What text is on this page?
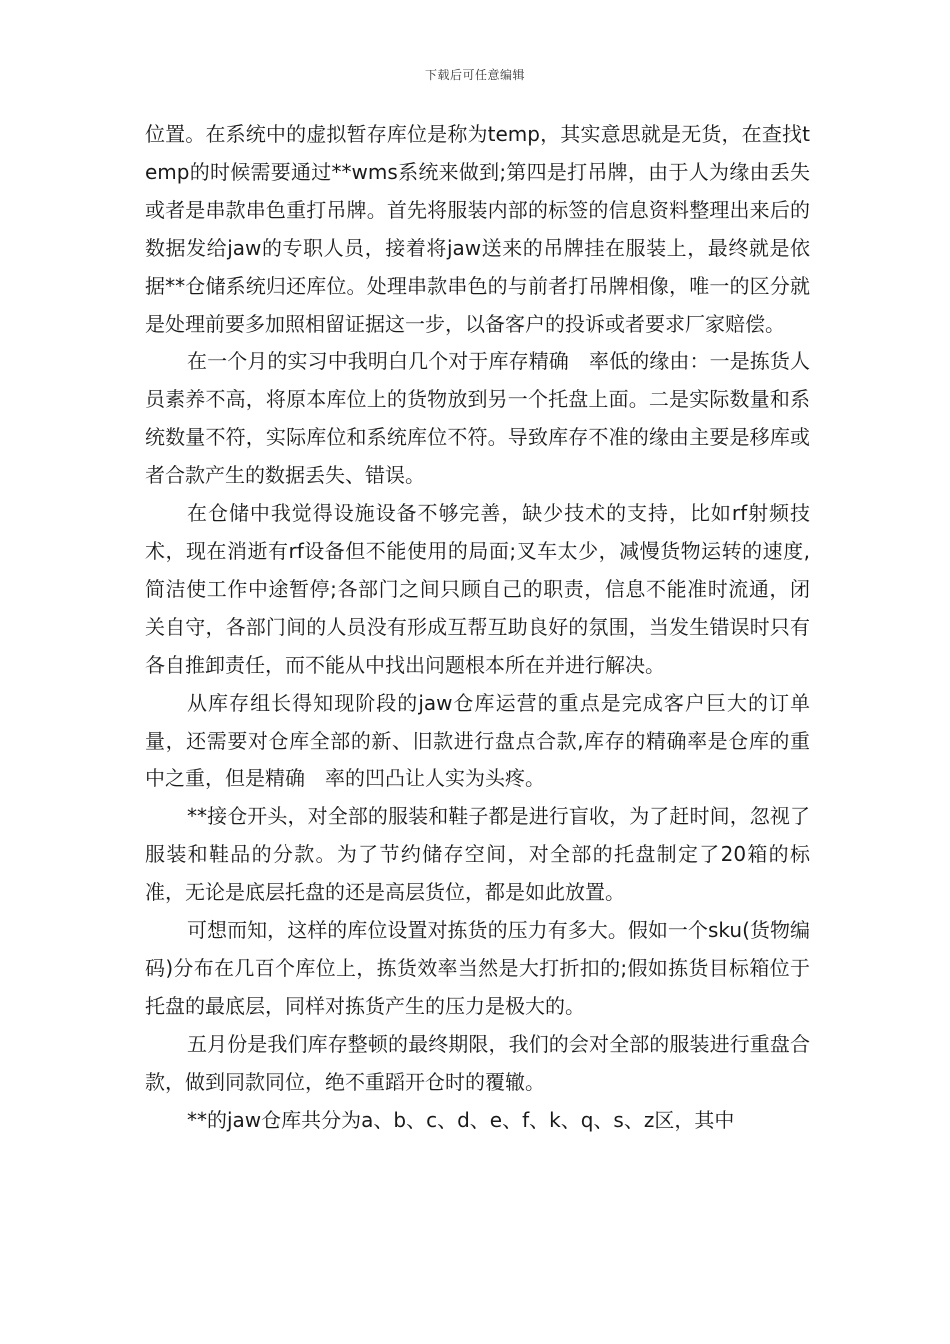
下载后可任意编辑

位置。在系统中的虚拟暂存库位是称为temp，其实意思就是无货，在查找temp的时候需要通过**wms系统来做到;第四是打吊牌，由于人为缘由丢失或者是串款串色重打吊牌。首先将服装内部的标签的信息资料整理出来后的数据发给jaw的专职人员，接着将jaw送来的吊牌挂在服装上，最终就是依据**仓储系统归还库位。处理串款串色的与前者打吊牌相像，唯一的区分就是处理前要多加照相留证据这一步，以备客户的投诉或者要求厂家赔偿。

在一个月的实习中我明白几个对于库存精确　率低的缘由：一是拣货人员素养不高，将原本库位上的货物放到另一个托盘上面。二是实际数量和系统数量不符，实际库位和系统库位不符。导致库存不准的缘由主要是移库或者合款产生的数据丢失、错误。

在仓储中我觉得设施设备不够完善，缺少技术的支持，比如rf射频技术，现在消逝有rf设备但不能使用的局面;叉车太少，减慢货物运转的速度,简洁使工作中途暂停;各部门之间只顾自己的职责，信息不能准时流通，闭关自守，各部门间的人员没有形成互帮互助良好的氛围，当发生错误时只有各自推卸责任，而不能从中找出问题根本所在并进行解决。

从库存组长得知现阶段的jaw仓库运营的重点是完成客户巨大的订单量，还需要对仓库全部的新、旧款进行盘点合款,库存的精确率是仓库的重中之重，但是精确　率的凹凸让人实为头疼。

**接仓开头，对全部的服装和鞋子都是进行盲收，为了赶时间，忽视了服装和鞋品的分款。为了节约储存空间，对全部的托盘制定了20箱的标准，无论是底层托盘的还是高层货位，都是如此放置。

可想而知，这样的库位设置对拣货的压力有多大。假如一个sku(货物编码)分布在几百个库位上，拣货效率当然是大打折扣的;假如拣货目标箱位于托盘的最底层，同样对拣货产生的压力是极大的。

五月份是我们库存整顿的最终期限，我们的会对全部的服装进行重盘合款，做到同款同位，绝不重蹈开仓时的覆辙。

**的jaw仓库共分为a、b、c、d、e、f、k、q、s、z区，其中
